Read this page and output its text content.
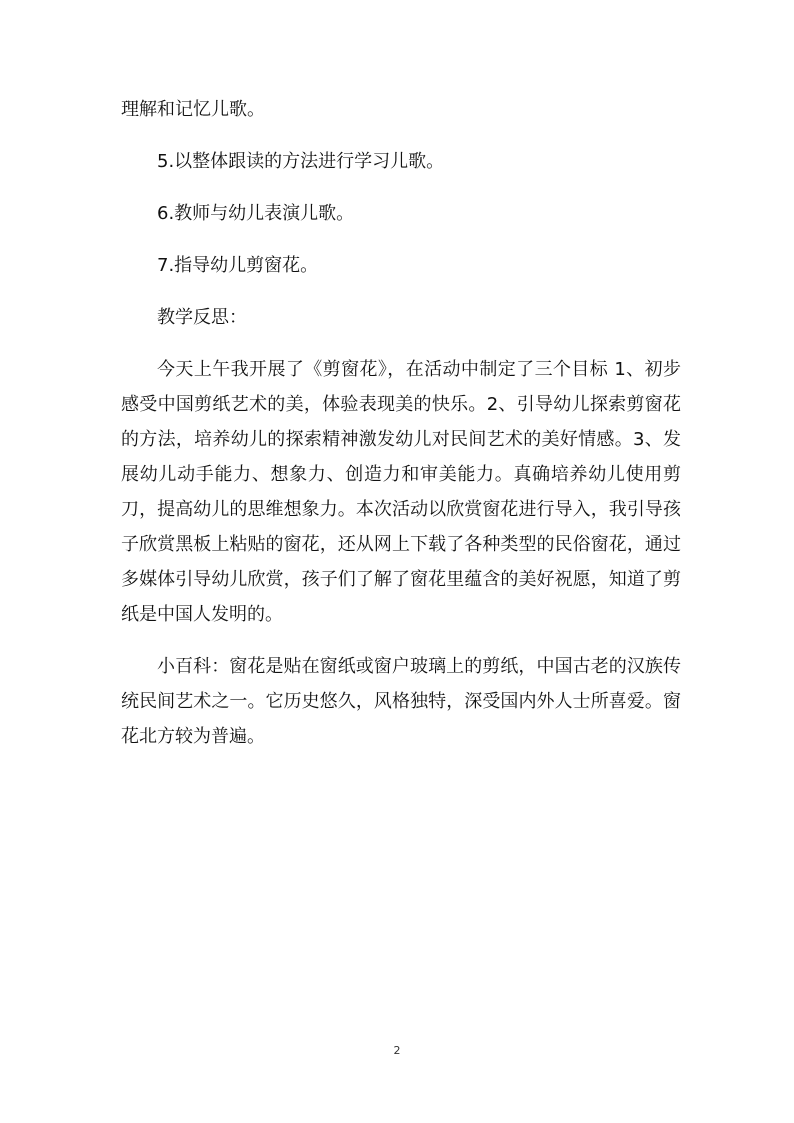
理解和记忆儿歌。

5.以整体跟读的方法进行学习儿歌。

6.教师与幼儿表演儿歌。

7.指导幼儿剪窗花。

教学反思：

今天上午我开展了《剪窗花》，在活动中制定了三个目标 1、初步感受中国剪纸艺术的美，体验表现美的快乐。2、引导幼儿探索剪窗花的方法，培养幼儿的探索精神激发幼儿对民间艺术的美好情感。3、发展幼儿动手能力、想象力、创造力和审美能力。真确培养幼儿使用剪刀，提高幼儿的思维想象力。本次活动以欣赏窗花进行导入，我引导孩子欣赏黑板上粘贴的窗花，还从网上下载了各种类型的民俗窗花，通过多媒体引导幼儿欣赏，孩子们了解了窗花里蕴含的美好祝愿，知道了剪纸是中国人发明的。

小百科：窗花是贴在窗纸或窗户玻璃上的剪纸，中国古老的汉族传统民间艺术之一。它历史悠久，风格独特，深受国内外人士所喜爱。窗花北方较为普遍。

2
